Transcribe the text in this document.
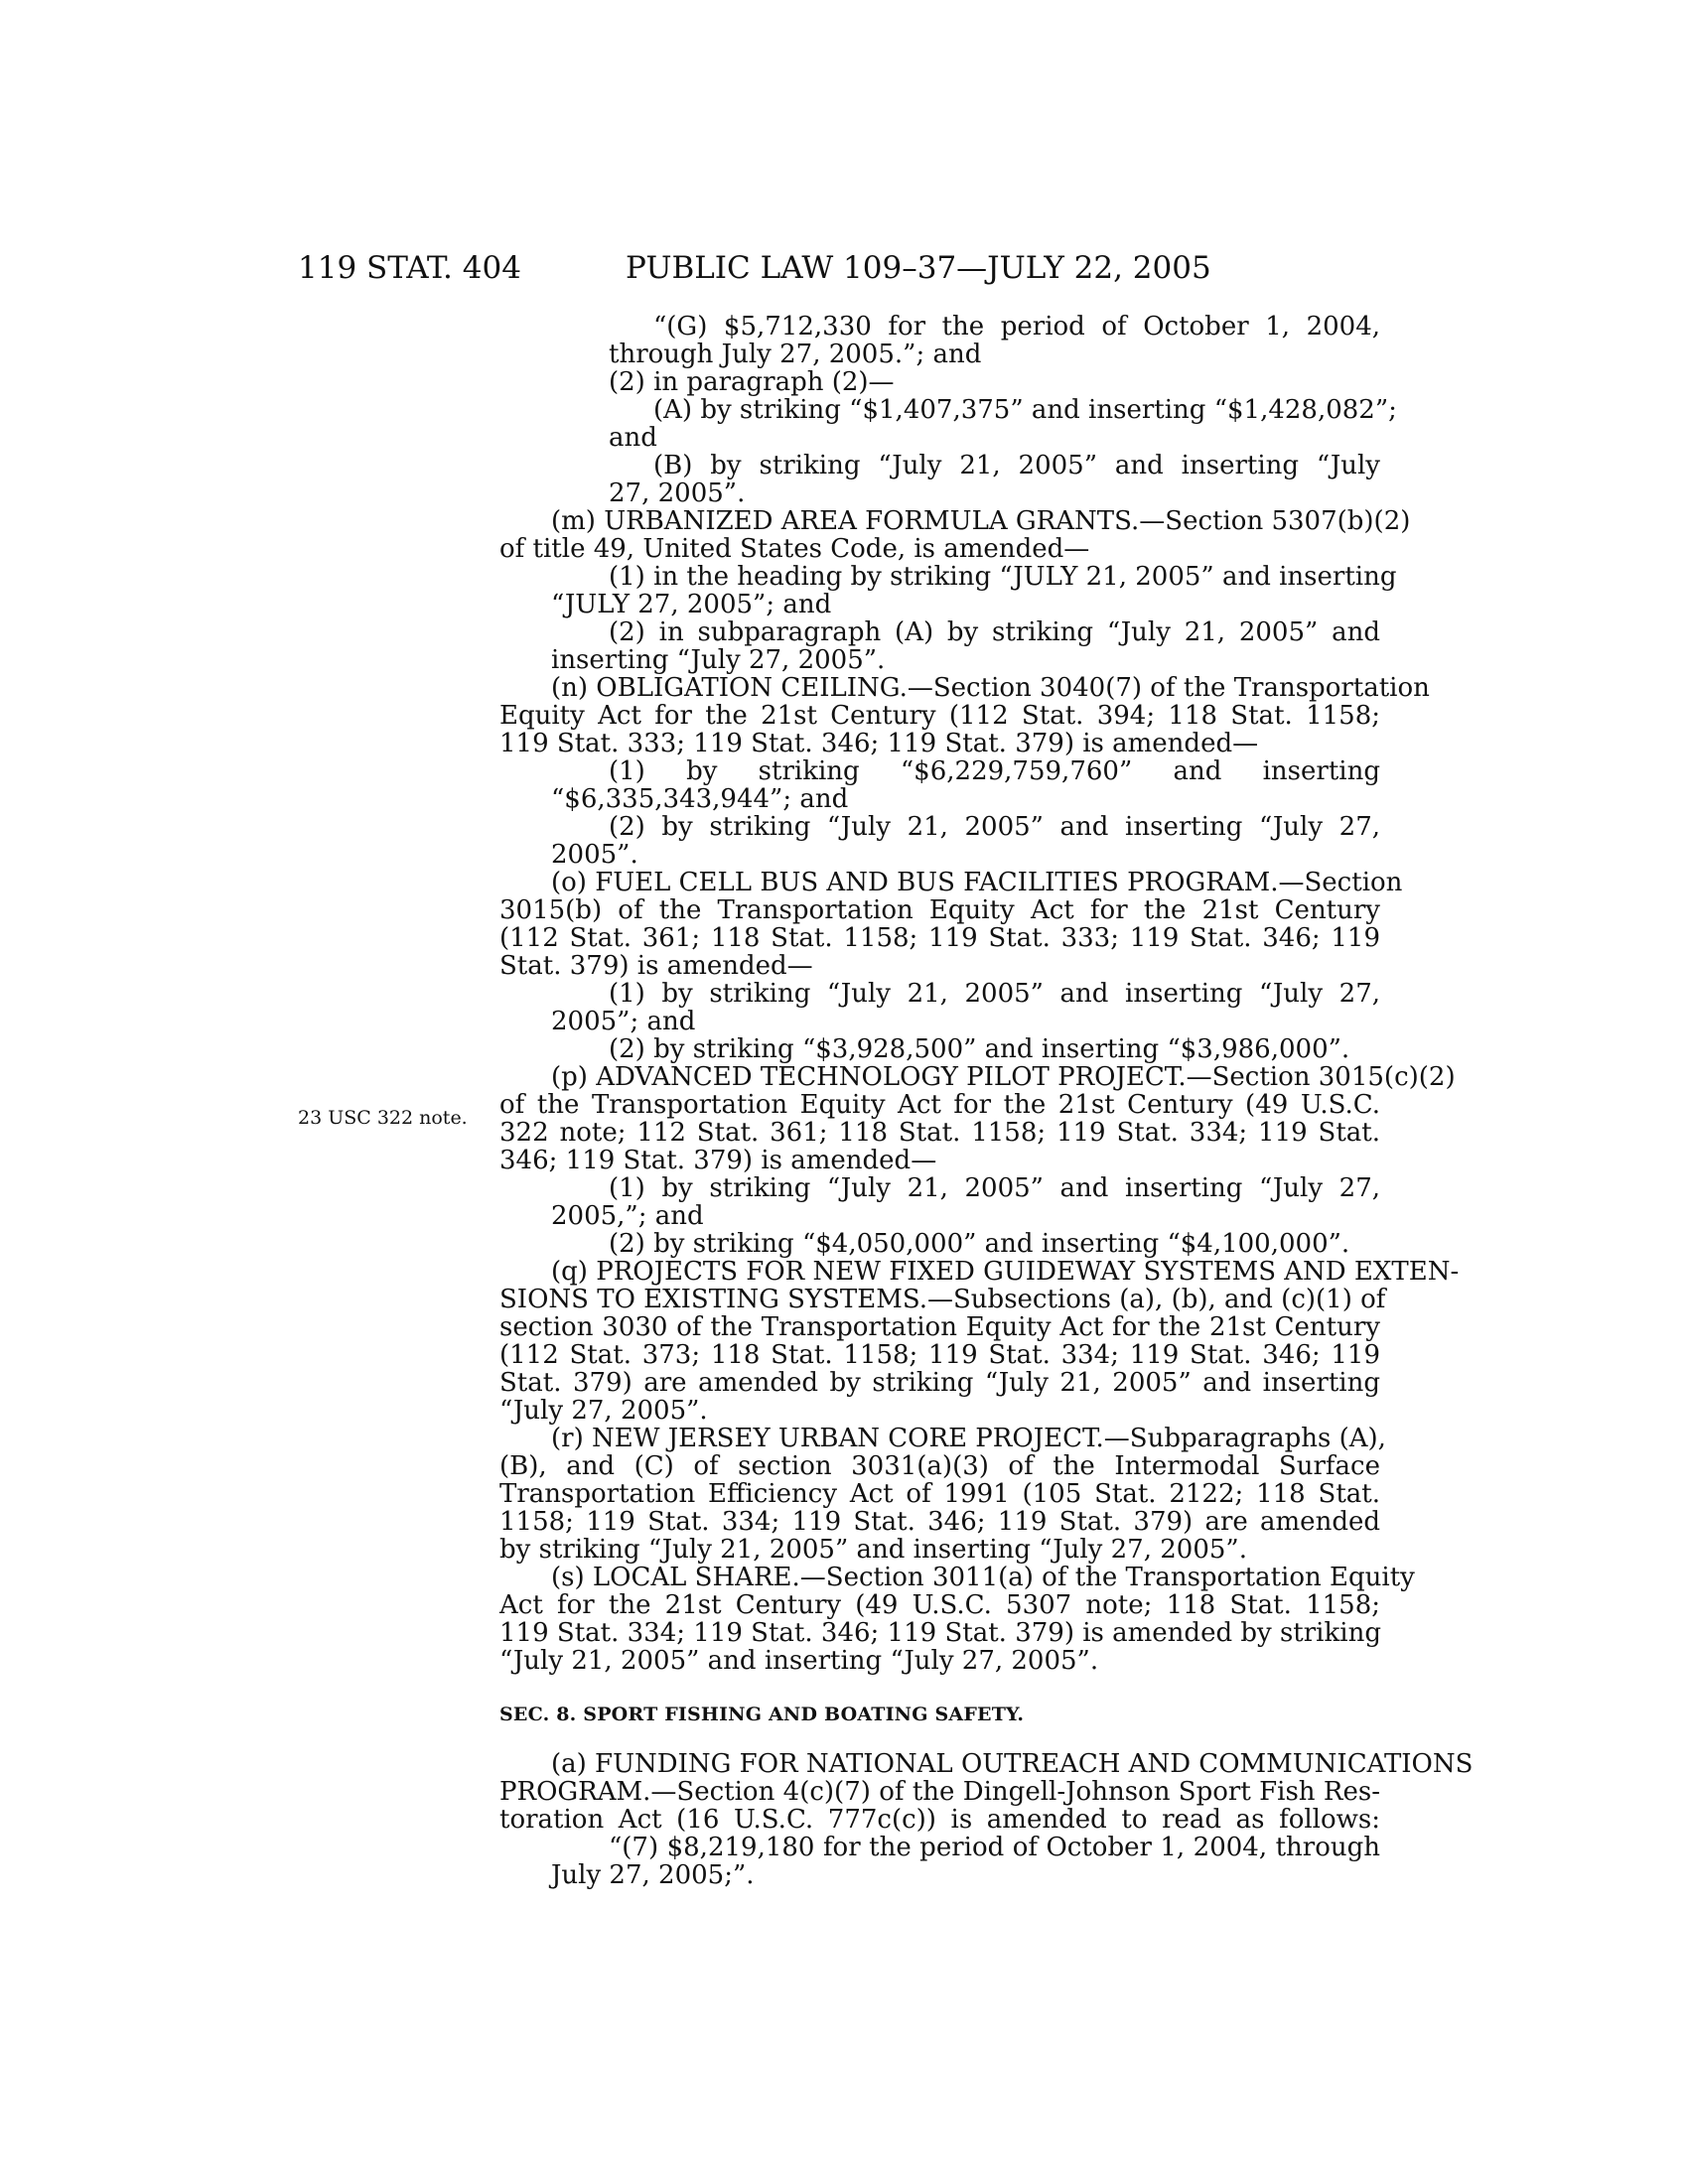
119 STAT. 404	PUBLIC LAW 109–37—JULY 22, 2005
23 USC 322 note.
“(G) $5,712,330 for the period of October 1, 2004,
through July 27, 2005.”; and
(2) in paragraph (2)—
(A) by striking “$1,407,375” and inserting “$1,428,082”;
and
(B) by striking “July 21, 2005” and inserting “July
27, 2005”.
(m) URBANIZED AREA FORMULA GRANTS.—Section 5307(b)(2)
of title 49, United States Code, is amended—
(1) in the heading by striking “JULY 21, 2005” and inserting
“JULY 27, 2005”; and
(2) in subparagraph (A) by striking “July 21, 2005” and
inserting “July 27, 2005”.
(n) OBLIGATION CEILING.—Section 3040(7) of the Transportation
Equity Act for the 21st Century (112 Stat. 394; 118 Stat. 1158;
119 Stat. 333; 119 Stat. 346; 119 Stat. 379) is amended—
(1) by striking “$6,229,759,760” and inserting
“$6,335,343,944”; and
(2) by striking “July 21, 2005” and inserting “July 27,
2005”.
(o) FUEL CELL BUS AND BUS FACILITIES PROGRAM.—Section
3015(b) of the Transportation Equity Act for the 21st Century
(112 Stat. 361; 118 Stat. 1158; 119 Stat. 333; 119 Stat. 346; 119
Stat. 379) is amended—
(1) by striking “July 21, 2005” and inserting “July 27,
2005”; and
(2) by striking “$3,928,500” and inserting “$3,986,000”.
(p) ADVANCED TECHNOLOGY PILOT PROJECT.—Section 3015(c)(2)
of the Transportation Equity Act for the 21st Century (49 U.S.C.
322 note; 112 Stat. 361; 118 Stat. 1158; 119 Stat. 334; 119 Stat.
346; 119 Stat. 379) is amended—
(1) by striking “July 21, 2005” and inserting “July 27,
2005,”; and
(2) by striking “$4,050,000” and inserting “$4,100,000”.
(q) PROJECTS FOR NEW FIXED GUIDEWAY SYSTEMS AND EXTEN-
SIONS TO EXISTING SYSTEMS.—Subsections (a), (b), and (c)(1) of
section 3030 of the Transportation Equity Act for the 21st Century
(112 Stat. 373; 118 Stat. 1158; 119 Stat. 334; 119 Stat. 346; 119
Stat. 379) are amended by striking “July 21, 2005” and inserting
“July 27, 2005”.
(r) NEW JERSEY URBAN CORE PROJECT.—Subparagraphs (A),
(B), and (C) of section 3031(a)(3) of the Intermodal Surface
Transportation Efficiency Act of 1991 (105 Stat. 2122; 118 Stat.
1158; 119 Stat. 334; 119 Stat. 346; 119 Stat. 379) are amended
by striking “July 21, 2005” and inserting “July 27, 2005”.
(s) LOCAL SHARE.—Section 3011(a) of the Transportation Equity
Act for the 21st Century (49 U.S.C. 5307 note; 118 Stat. 1158;
119 Stat. 334; 119 Stat. 346; 119 Stat. 379) is amended by striking
“July 21, 2005” and inserting “July 27, 2005”.
SEC. 8. SPORT FISHING AND BOATING SAFETY.
(a) FUNDING FOR NATIONAL OUTREACH AND COMMUNICATIONS
PROGRAM.—Section 4(c)(7) of the Dingell-Johnson Sport Fish Res-
toration Act (16 U.S.C. 777c(c)) is amended to read as follows:
“(7) $8,219,180 for the period of October 1, 2004, through
July 27, 2005;”.
